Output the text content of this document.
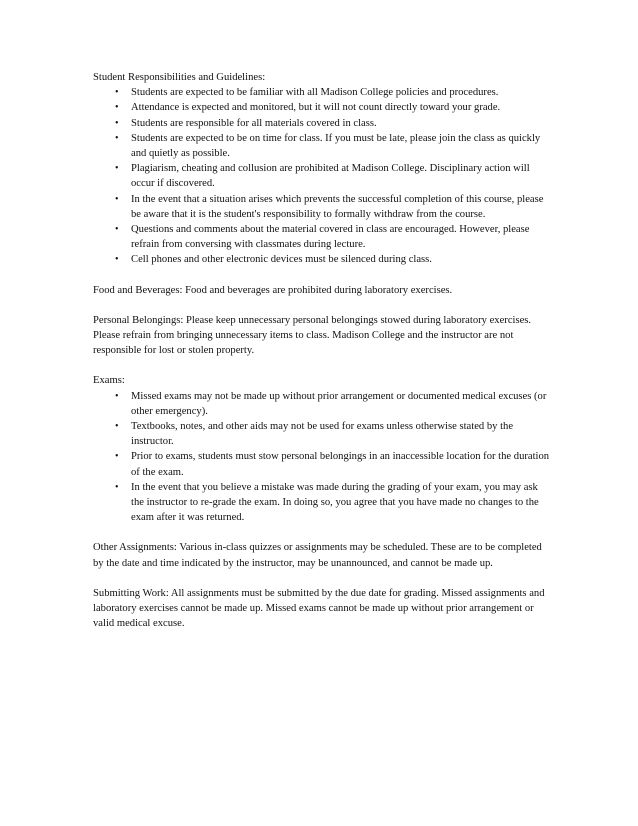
Student Responsibilities and Guidelines:

• Students are expected to be familiar with all Madison College policies and procedures.
• Attendance is expected and monitored, but it will not count directly toward your grade.
• Students are responsible for all materials covered in class.
• Students are expected to be on time for class. If you must be late, please join the class as quickly and quietly as possible.
• Plagiarism, cheating and collusion are prohibited at Madison College. Disciplinary action will occur if discovered.
• In the event that a situation arises which prevents the successful completion of this course, please be aware that it is the student's responsibility to formally withdraw from the course.
• Questions and comments about the material covered in class are encouraged. However, please refrain from conversing with classmates during lecture.
• Cell phones and other electronic devices must be silenced during class.

Food and Beverages: Food and beverages are prohibited during laboratory exercises.

Personal Belongings: Please keep unnecessary personal belongings stowed during laboratory exercises. Please refrain from bringing unnecessary items to class. Madison College and the instructor are not responsible for lost or stolen property.

Exams:

• Missed exams may not be made up without prior arrangement or documented medical excuses (or other emergency).
• Textbooks, notes, and other aids may not be used for exams unless otherwise stated by the instructor.
• Prior to exams, students must stow personal belongings in an inaccessible location for the duration of the exam.
• In the event that you believe a mistake was made during the grading of your exam, you may ask the instructor to re-grade the exam. In doing so, you agree that you have made no changes to the exam after it was returned.

Other Assignments: Various in-class quizzes or assignments may be scheduled. These are to be completed by the date and time indicated by the instructor, may be unannounced, and cannot be made up.

Submitting Work: All assignments must be submitted by the due date for grading. Missed assignments and laboratory exercises cannot be made up. Missed exams cannot be made up without prior arrangement or valid medical excuse.
